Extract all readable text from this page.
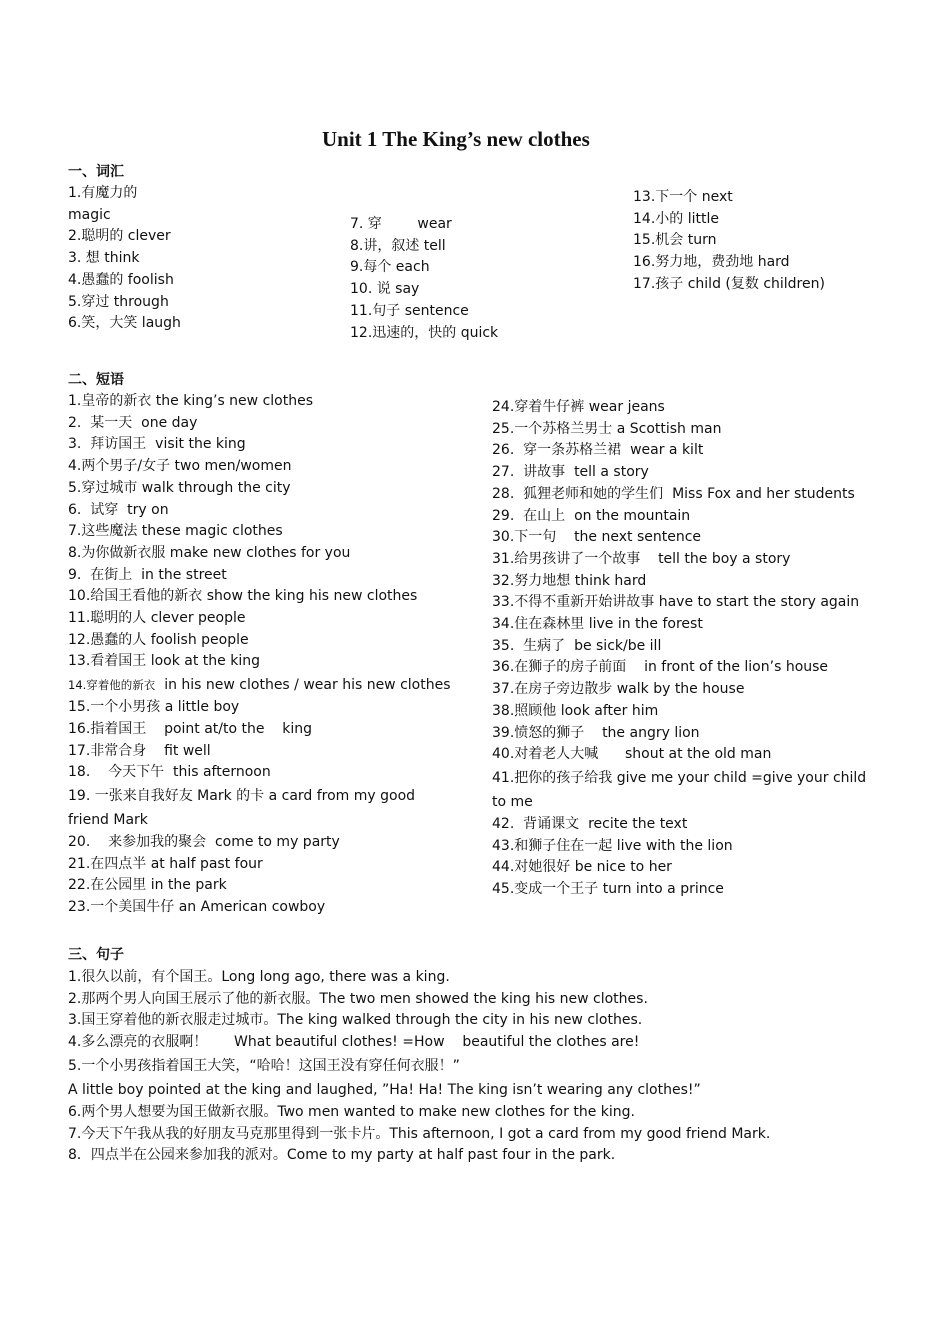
Unit 1 The King’s new clothes
一、词汇
1.有魔力的
magic
2.聪明的 clever
3. 想 think
4.愚蠢的 foolish
5.穿过 through
6.笑，大笑 laugh
7. 穿        wear
8.讲，叙述 tell
9.每个 each
10. 说 say
11.句子 sentence
12.迅速的，快的 quick
13.下一个 next
14.小的 little
15.机会 turn
16.努力地，费劲地 hard
17.孩子 child (复数 children)
二、短语
1.皇帝的新衣 the king’s new clothes
2.  某一天  one day
3.  拜访国王  visit the king
4.两个男子/女子 two men/women
5.穿过城市 walk through the city
6.  试穿  try on
7.这些魔法 these magic clothes
8.为你做新衣服 make new clothes for you
9.  在街上  in the street
10.给国王看他的新衣 show the king his new clothes
11.聪明的人 clever people
12.愚蠢的人 foolish people
13.看着国王 look at the king
14.穿着他的新衣  in his new clothes / wear his new clothes
15.一个小男孩 a little boy
16.指着国王    point at/to the    king
17.非常合身    fit well
18.    今天下午  this afternoon
19. 一张来自我好友 Mark 的卡 a card from my good friend Mark
20.    来参加我的聚会  come to my party
21.在四点半 at half past four
22.在公园里 in the park
23.一个美国牛仔 an American cowboy
24.穿着牛仔裤 wear jeans
25.一个苏格兰男士 a Scottish man
26.  穿一条苏格兰裙  wear a kilt
27.  讲故事  tell a story
28.  狐狸老师和她的学生们  Miss Fox and her students
29.  在山上  on the mountain
30.下一句    the next sentence
31.给男孩讲了一个故事    tell the boy a story
32.努力地想 think hard
33.不得不重新开始讲故事 have to start the story again
34.住在森林里 live in the forest
35.  生病了  be sick/be ill
36.在狮子的房子前面    in front of the lion’s house
37.在房子旁边散步 walk by the house
38.照顾他 look after him
39.愤怒的狮子    the angry lion
40.对着老人大喊      shout at the old man
41.把你的孩子给我 give me your child =give your child to me
42.  背诵课文  recite the text
43.和狮子住在一起 live with the lion
44.对她很好 be nice to her
45.变成一个王子 turn into a prince
三、句子
1.很久以前，有个国王。Long long ago, there was a king.
2.那两个男人向国王展示了他的新衣服。The two men showed the king his new clothes.
3.国王穿着他的新衣服走过城市。The king walked through the city in his new clothes.
4.多么漂亮的衣服啊！      What beautiful clothes! =How    beautiful the clothes are!
5.一个小男孩指着国王大笑，“哈哈！这国王没有穿任何衣服！”
A little boy pointed at the king and laughed, ”Ha! Ha! The king isn’t wearing any clothes!”
6.两个男人想要为国王做新衣服。Two men wanted to make new clothes for the king.
7.今天下午我从我的好朋友马克那里得到一张卡片。This afternoon, I got a card from my good friend Mark.
8．四点半在公园来参加我的派对。Come to my party at half past four in the park.
